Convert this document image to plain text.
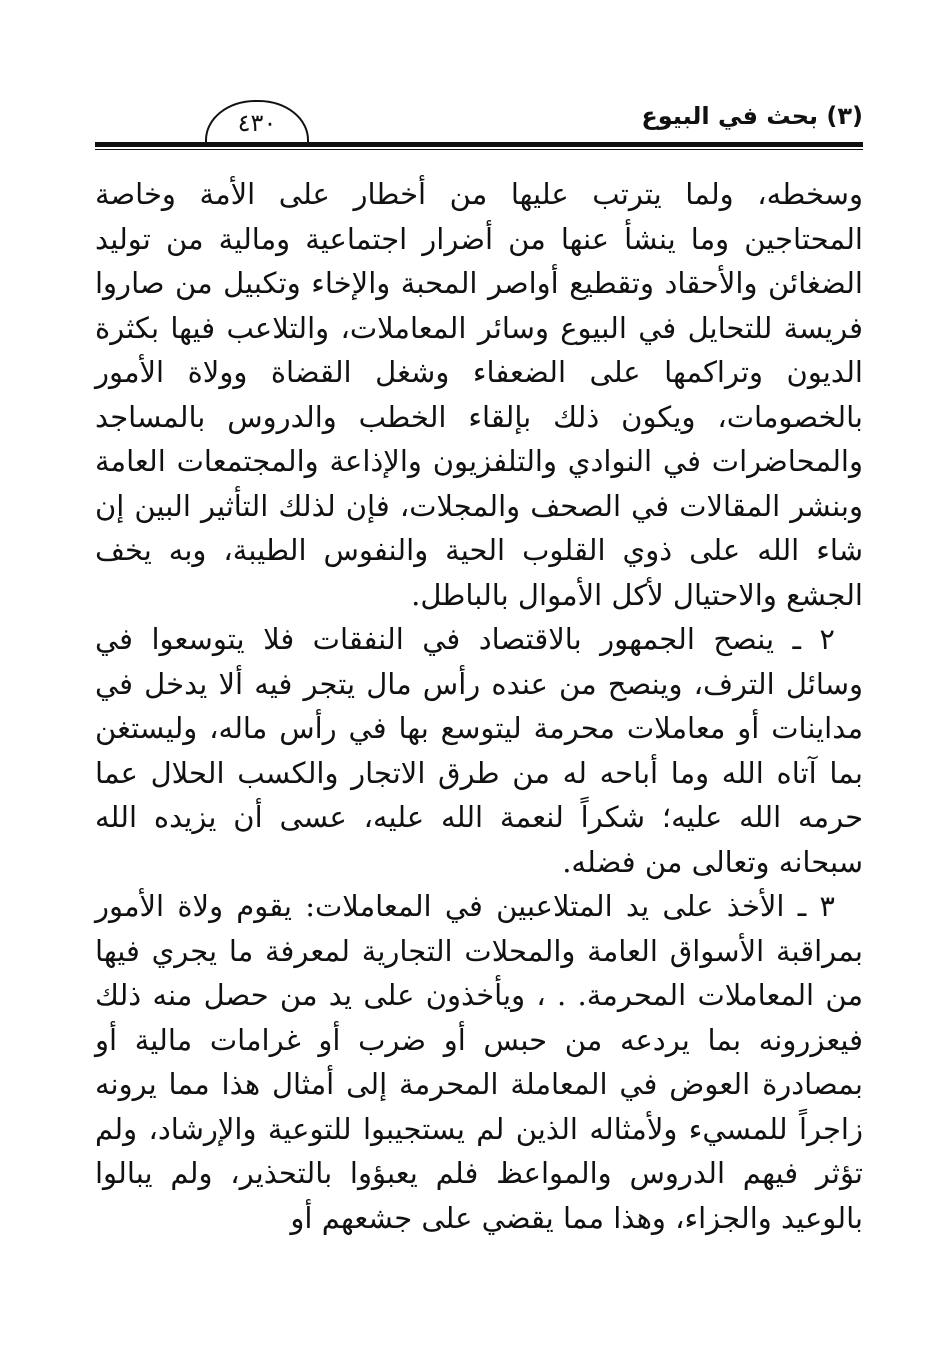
(٣) بحث في البيوع
٤٣٠

وسخطه، ولما يترتب عليها من أخطار على الأمة وخاصة المحتاجين وما ينشأ عنها من أضرار اجتماعية ومالية من توليد الضغائن والأحقاد وتقطيع أواصر المحبة والإخاء وتكبيل من صاروا فريسة للتحايل في البيوع وسائر المعاملات، والتلاعب فيها بكثرة الديون وتراكمها على الضعفاء وشغل القضاة وولاة الأمور بالخصومات، ويكون ذلك بإلقاء الخطب والدروس بالمساجد والمحاضرات في النوادي والتلفزيون والإذاعة والمجتمعات العامة وبنشر المقالات في الصحف والمجلات، فإن لذلك التأثير البين إن شاء الله على ذوي القلوب الحية والنفوس الطيبة، وبه يخف الجشع والاحتيال لأكل الأموال بالباطل.

٢ ـ ينصح الجمهور بالاقتصاد في النفقات فلا يتوسعوا في وسائل الترف، وينصح من عنده رأس مال يتجر فيه ألا يدخل في مداينات أو معاملات محرمة ليتوسع بها في رأس ماله، وليستغن بما آتاه الله وما أباحه له من طرق الاتجار والكسب الحلال عما حرمه الله عليه؛ شكراً لنعمة الله عليه، عسى أن يزيده الله سبحانه وتعالى من فضله.

٣ ـ الأخذ على يد المتلاعبين في المعاملات: يقوم ولاة الأمور بمراقبة الأسواق العامة والمحلات التجارية لمعرفة ما يجري فيها من المعاملات المحرمة. . ، ويأخذون على يد من حصل منه ذلك فيعزرونه بما يردعه من حبس أو ضرب أو غرامات مالية أو بمصادرة العوض في المعاملة المحرمة إلى أمثال هذا مما يرونه زاجراً للمسيء ولأمثاله الذين لم يستجيبوا للتوعية والإرشاد، ولم تؤثر فيهم الدروس والمواعظ فلم يعبؤوا بالتحذير، ولم يبالوا بالوعيد والجزاء، وهذا مما يقضي على جشعهم أو
